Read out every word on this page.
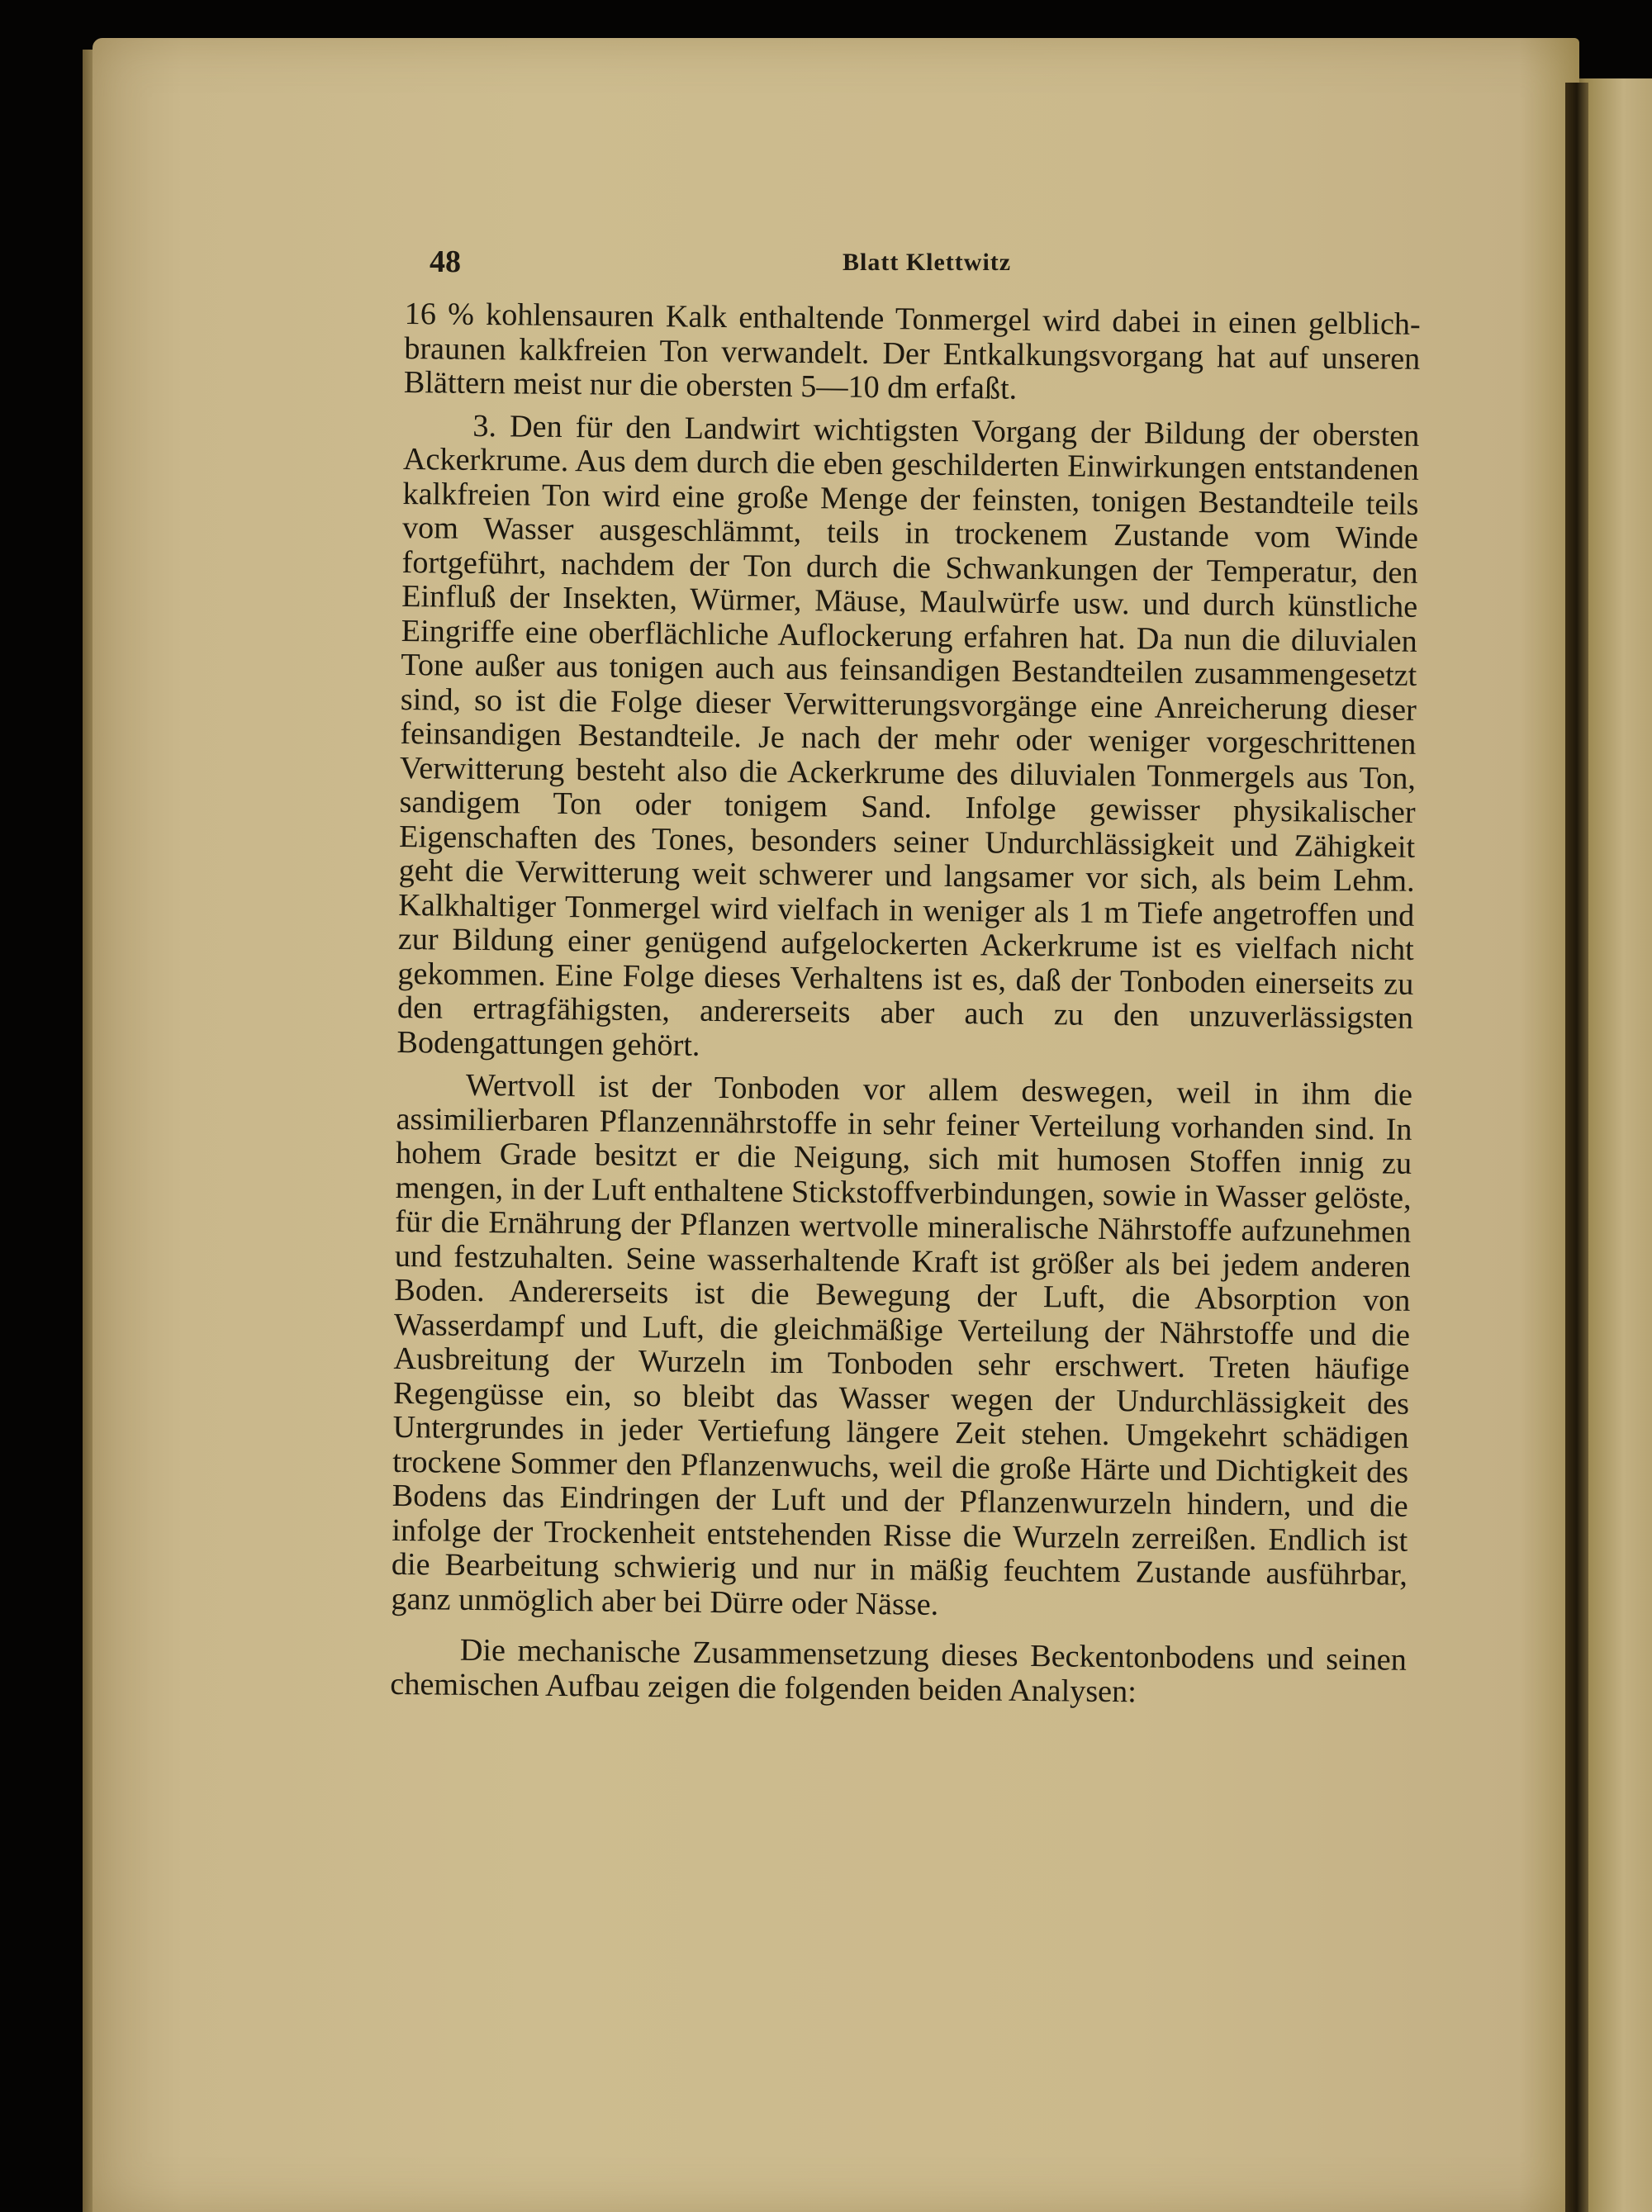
48	Blatt Klettwitz

16 % kohlensauren Kalk enthaltende Tonmergel wird dabei in einen gelblich-braunen kalkfreien Ton verwandelt. Der Entkalkungsvorgang hat auf unseren Blättern meist nur die obersten 5—10 dm erfaßt.

3. Den für den Landwirt wichtigsten Vorgang der Bildung der obersten Ackerkrume. Aus dem durch die eben geschilderten Einwirkungen entstandenen kalkfreien Ton wird eine große Menge der feinsten, tonigen Bestandteile teils vom Wasser ausgeschlämmt, teils in trockenem Zustande vom Winde fortgeführt, nachdem der Ton durch die Schwankungen der Temperatur, den Einfluß der Insekten, Würmer, Mäuse, Maulwürfe usw. und durch künstliche Eingriffe eine oberflächliche Auflockerung erfahren hat. Da nun die diluvialen Tone außer aus tonigen auch aus feinsandigen Bestandteilen zusammengesetzt sind, so ist die Folge dieser Verwitterungsvorgänge eine Anreicherung dieser feinsandigen Bestandteile. Je nach der mehr oder weniger vorgeschrittenen Verwitterung besteht also die Ackerkrume des diluvialen Tonmergels aus Ton, sandigem Ton oder tonigem Sand. Infolge gewisser physikalischer Eigenschaften des Tones, besonders seiner Undurchlässigkeit und Zähigkeit geht die Verwitterung weit schwerer und langsamer vor sich, als beim Lehm. Kalkhaltiger Tonmergel wird vielfach in weniger als 1 m Tiefe angetroffen und zur Bildung einer genügend aufgelockerten Ackerkrume ist es vielfach nicht gekommen. Eine Folge dieses Verhaltens ist es, daß der Tonboden einerseits zu den ertragfähigsten, andererseits aber auch zu den unzuverlässigsten Bodengattungen gehört.

Wertvoll ist der Tonboden vor allem deswegen, weil in ihm die assimilierbaren Pflanzennährstoffe in sehr feiner Verteilung vorhanden sind. In hohem Grade besitzt er die Neigung, sich mit humosen Stoffen innig zu mengen, in der Luft enthaltene Stickstoffverbindungen, sowie in Wasser gelöste, für die Ernährung der Pflanzen wertvolle mineralische Nährstoffe aufzunehmen und festzuhalten. Seine wasserhaltende Kraft ist größer als bei jedem anderen Boden. Andererseits ist die Bewegung der Luft, die Absorption von Wasserdampf und Luft, die gleichmäßige Verteilung der Nährstoffe und die Ausbreitung der Wurzeln im Tonboden sehr erschwert. Treten häufige Regengüsse ein, so bleibt das Wasser wegen der Undurchlässigkeit des Untergrundes in jeder Vertiefung längere Zeit stehen. Umgekehrt schädigen trockene Sommer den Pflanzenwuchs, weil die große Härte und Dichtigkeit des Bodens das Eindringen der Luft und der Pflanzenwurzeln hindern, und die infolge der Trockenheit entstehenden Risse die Wurzeln zerreißen. Endlich ist die Bearbeitung schwierig und nur in mäßig feuchtem Zustande ausführbar, ganz unmöglich aber bei Dürre oder Nässe.

Die mechanische Zusammensetzung dieses Beckentonbodens und seinen chemischen Aufbau zeigen die folgenden beiden Analysen:
